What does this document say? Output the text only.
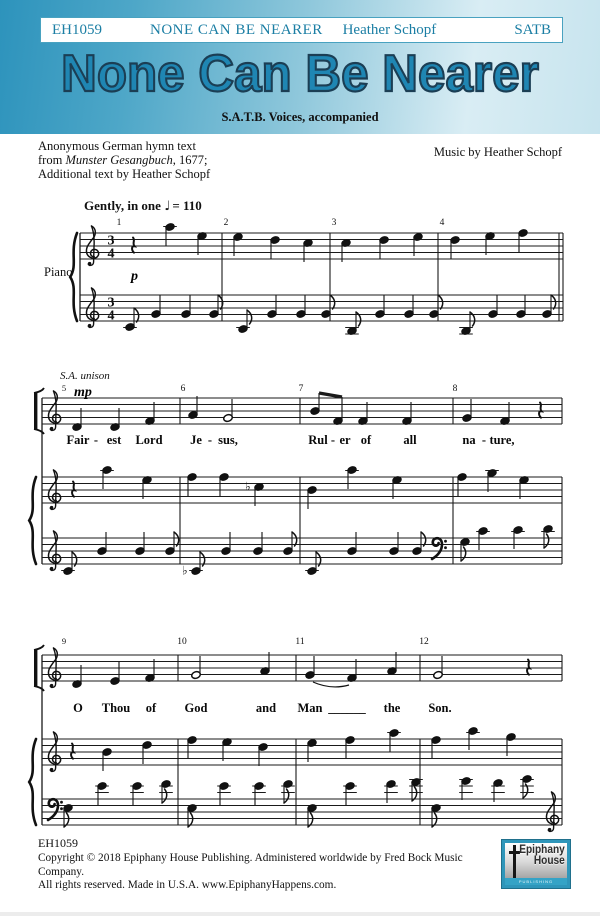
EH1059	NONE CAN BE NEARER Heather Schopf	SATB
None Can Be Nearer
S.A.T.B. Voices, accompanied
Anonymous German hymn text
from Munster Gesangbuch, 1677;
Additional text by Heather Schopf
Music by Heather Schopf
Gently, in one ♩ = 110
3
4
3
4
1	2	3	4
Piano	p
Fair - est Lord Je - sus,	Rul - er of	all	na - ture,
♭
♭
5	6	7	8
S.A. unison
mp
O Thou of God	and Man ______ the Son.
9	10	11	12
EH1059
Copyright © 2018 Epiphany House Publishing. Administered worldwide by Fred Bock Music Company.
All rights reserved. Made in U.S.A. www.EpiphanyHappens.com.
Epiphany
House
PUBLISHING
